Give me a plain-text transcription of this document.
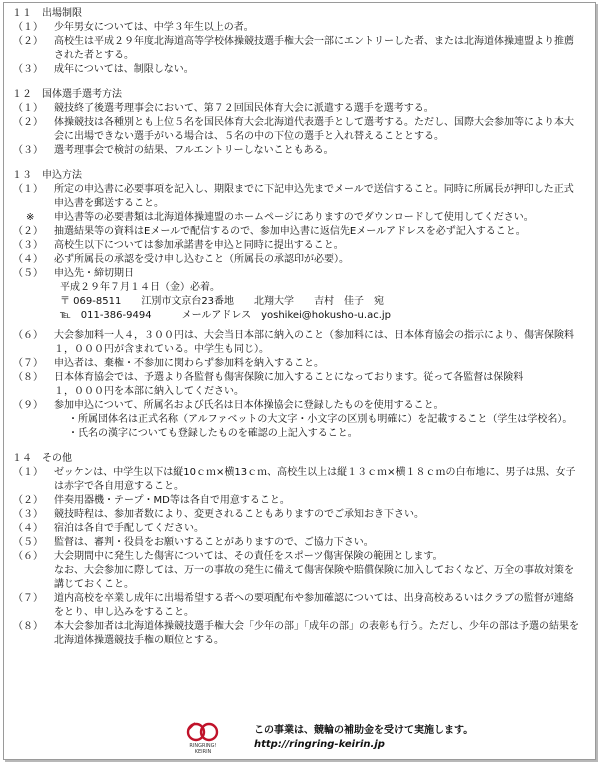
１１　出場制限
（１）	少年男女については、中学３年生以上の者。
（２）	高校生は平成２９年度北海道高等学校体操競技選手権大会一部にエントリーした者、または北海道体操連盟より推薦
された者とする。
（３）	成年については、制限しない。
１２　国体選手選考方法
（１）	競技終了後選考理事会において、第７２回国民体育大会に派遣する選手を選考する。
（２）	体操競技は各種別とも上位５名を国民体育大会北海道代表選手として選考する。ただし、国際大会参加等により本大
会に出場できない選手がいる場合は、５名の中の下位の選手と入れ替えることとする。
（３）	選考理事会で検討の結果、フルエントリーしないこともある。
１３　申込方法
（１）	所定の申込書に必要事項を記入し、期限までに下記申込先までメールで送信すること。同時に所属長が押印した正式
申込書を郵送すること。
※	申込書等の必要書類は北海道体操連盟のホームページにありますのでダウンロードして使用してください。
（２）	抽選結果等の資料はEメールで配信するので、参加申込書に返信先Eメールアドレスを必ず記入すること。
（３）	高校生以下については参加承諾書を申込と同時に提出すること。
（４）	必ず所属長の承認を受け申し込むこと（所属長の承認印が必要）。
（５）	申込先・締切期日
平成２９年７月１４日（金）必着。
〒 069-8511　　江別市文京台23番地　　北翔大学　　吉村　佳子　宛
℡　011-386-9494　　　メールアドレス　yoshikei@hokusho-u.ac.jp
（６）	大会参加料一人４，３００円は、大会当日本部に納入のこと（参加料には、日本体育協会の指示により、傷害保険料
１，０００円が含まれている。中学生も同じ）。
（７）	申込者は、棄権・不参加に関わらず参加料を納入すること。
（８）	日本体育協会では、予選より各監督も傷害保険に加入することになっております。従って各監督は保険料
１，０００円を本部に納入してください。
（９）	参加申込について、所属名および氏名は日本体操協会に登録したものを使用すること。
・所属団体名は正式名称（アルファベットの大文字・小文字の区別も明確に）を記載すること（学生は学校名）。
・氏名の漢字についても登録したものを確認の上記入すること。
１４　その他
（１）	ゼッケンは、中学生以下は縦10ｃｍ×横13ｃｍ、高校生以上は縦１３ｃｍ×横１８ｃｍの白布地に、男子は黒、女子
は赤字で各自用意すること。
（２）	伴奏用器機・テープ・MD等は各自で用意すること。
（３）	競技時程は、参加者数により、変更されることもありますのでご承知おき下さい。
（４）	宿泊は各自で手配してください。
（５）	監督は、審判・役員をお願いすることがありますので、ご協力下さい。
（６）	大会期間中に発生した傷害については、その責任をスポーツ傷害保険の範囲とします。
なお、大会参加に際しては、万一の事故の発生に備えて傷害保険や賠償保険に加入しておくなど、万全の事故対策を
講じておくこと。
（７）	道内高校を卒業し成年に出場希望する者への要項配布や参加確認については、出身高校あるいはクラブの監督が連絡
をとり、申し込みをすること。
（８）	本大会参加者は北海道体操競技選手権大会「少年の部」「成年の部」の表彰も行う。ただし、少年の部は予選の結果を
北海道体操選競技手権の順位とする。
RINGRING!
KEIRIN
この事業は、競輪の補助金を受けて実施します。
http://ringring-keirin.jp
